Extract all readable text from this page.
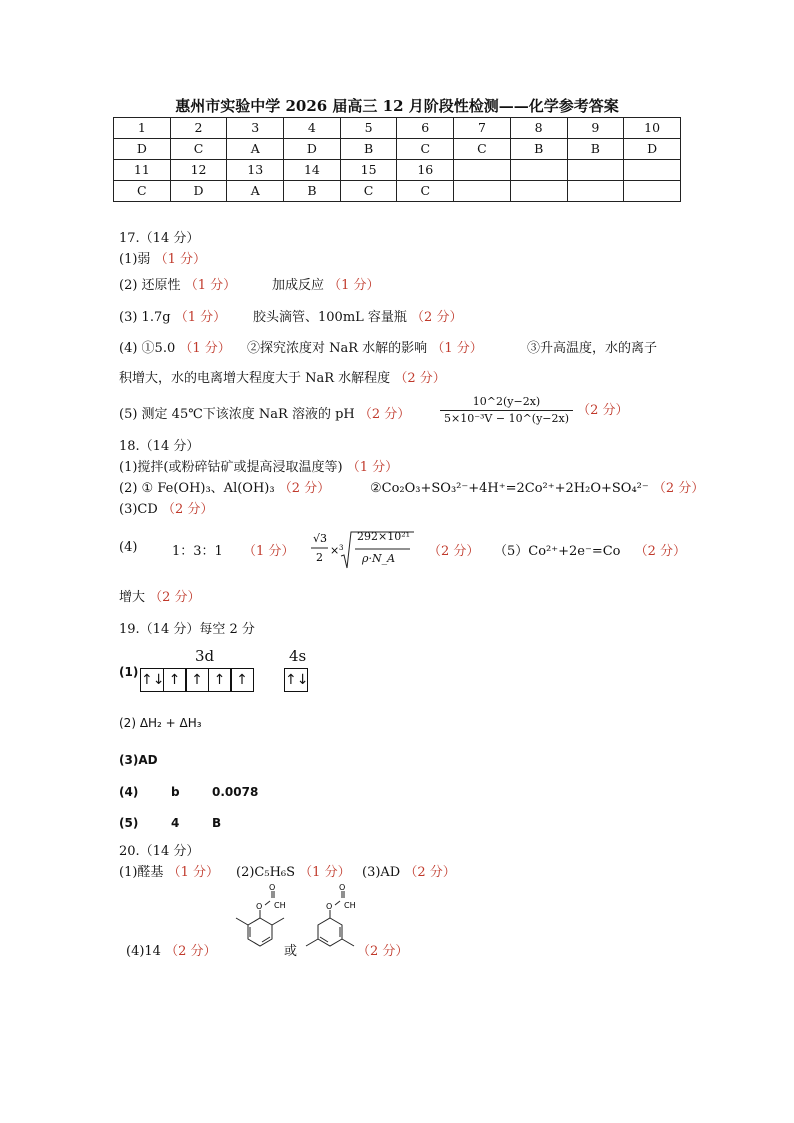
惠州市实验中学 2026 届高三 12 月阶段性检测——化学参考答案
1	2	3	4	5	6	7	8	9	10
D	C	A	D	B	C	C	B	B	D
11	12	13	14	15	16				
C	D	A	B	C	C				
17.（14 分）
(1)弱 （1 分）
(2) 还原性 （1 分）	加成反应 （1 分）
(3) 1.7g （1 分） 胶头滴管、100mL 容量瓶 （2 分）
(4) ①5.0 （1 分） ②探究浓度对 NaR 水解的影响 （1 分）	③升高温度，水的离子
积增大，水的电离增大程度大于 NaR 水解程度 （2 分）
(5) 测定 45℃下该浓度 NaR 溶液的 pH （2 分）	$\frac{10\^{}2(y-2x)}{\text{5×10⁻³V − 10\textasciicircum{}(y−2x)}} (2$ 分）
18.（14 分）
(1)搅拌(或粉碎钴矿或提高浸取温度等) （1 分）
(2) ① Fe(OH)₃、Al(OH)₃ （2 分）	②Co₂O₃+SO₃²⁻+4H⁺=2Co²⁺+2H₂O+SO₄²⁻ （2 分）
(3)CD （2 分）
(4)	1：3：1 （1 分）
√3
2
× 3
292×10²¹
ρ·N_A	（2 分） （5）Co²⁺+2e⁻=Co （2 分）
增大 （2 分）
19.（14 分）每空 2 分
3d	4s
(1) ↑↓ ↑ ↑ ↑ ↑	↑↓
(2) ΔH₂ + ΔH₃
(3)AD
(4)	b	0.0078
(5)	4	B
20.（14 分）
(1)醛基 （1 分） (2)C₅H₆S （1 分） (3)AD （2 分）
(4)14 （2 分）
O
O
CH
或
O
O
CH
（2 分）
